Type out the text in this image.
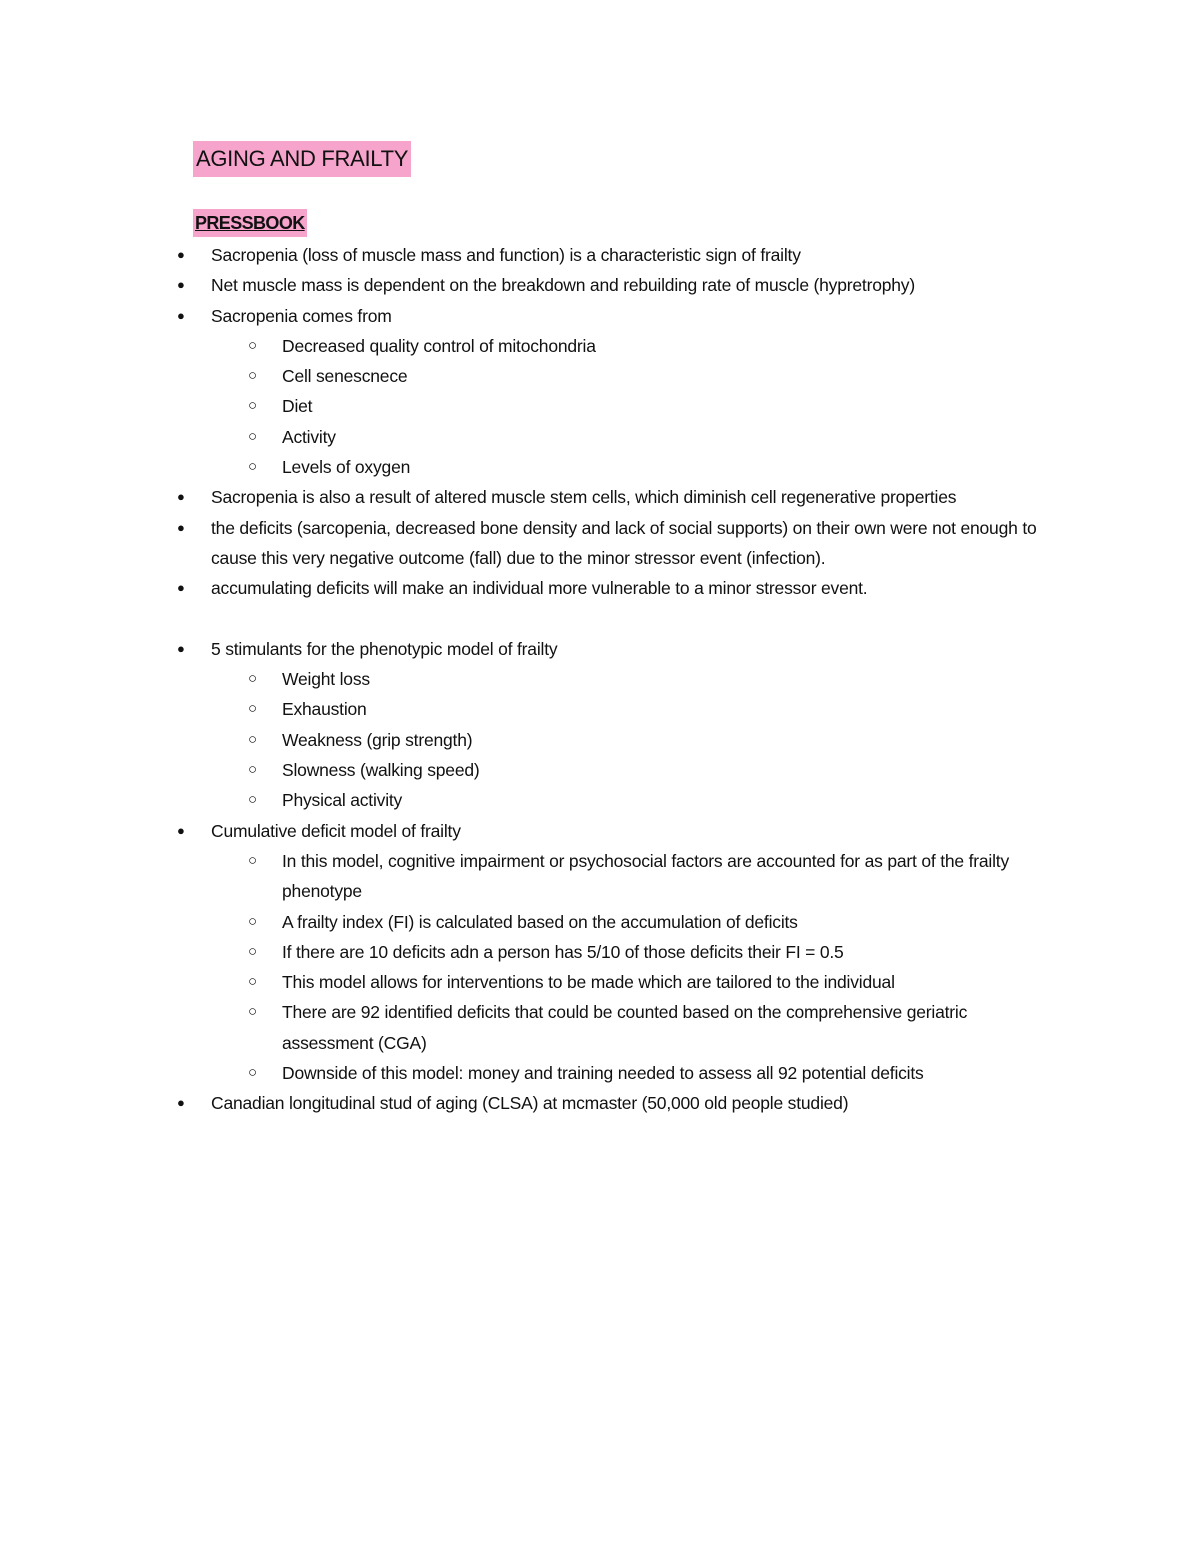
AGING AND FRAILTY
PRESSBOOK
● Sacropenia (loss of muscle mass and function) is a characteristic sign of frailty
● Net muscle mass is dependent on the breakdown and rebuilding rate of muscle (hypretrophy)
● Sacropenia comes from
○ Decreased quality control of mitochondria
○ Cell senescnece
○ Diet
○ Activity
○ Levels of oxygen
● Sacropenia is also a result of altered muscle stem cells, which diminish cell regenerative properties
● the deficits (sarcopenia, decreased bone density and lack of social supports) on their own were not enough to cause this very negative outcome (fall) due to the minor stressor event (infection).
● accumulating deficits will make an individual more vulnerable to a minor stressor event.
● 5 stimulants for the phenotypic model of frailty
○ Weight loss
○ Exhaustion
○ Weakness (grip strength)
○ Slowness (walking speed)
○ Physical activity
● Cumulative deficit model of frailty
○ In this model, cognitive impairment or psychosocial factors are accounted for as part of the frailty phenotype
○ A frailty index (FI) is calculated based on the accumulation of deficits
○ If there are 10 deficits adn a person has 5/10 of those deficits their FI = 0.5
○ This model allows for interventions to be made which are tailored to the individual
○ There are 92 identified deficits that could be counted based on the comprehensive geriatric assessment (CGA)
○ Downside of this model: money and training needed to assess all 92 potential deficits
● Canadian longitudinal stud of aging (CLSA) at mcmaster (50,000 old people studied)
